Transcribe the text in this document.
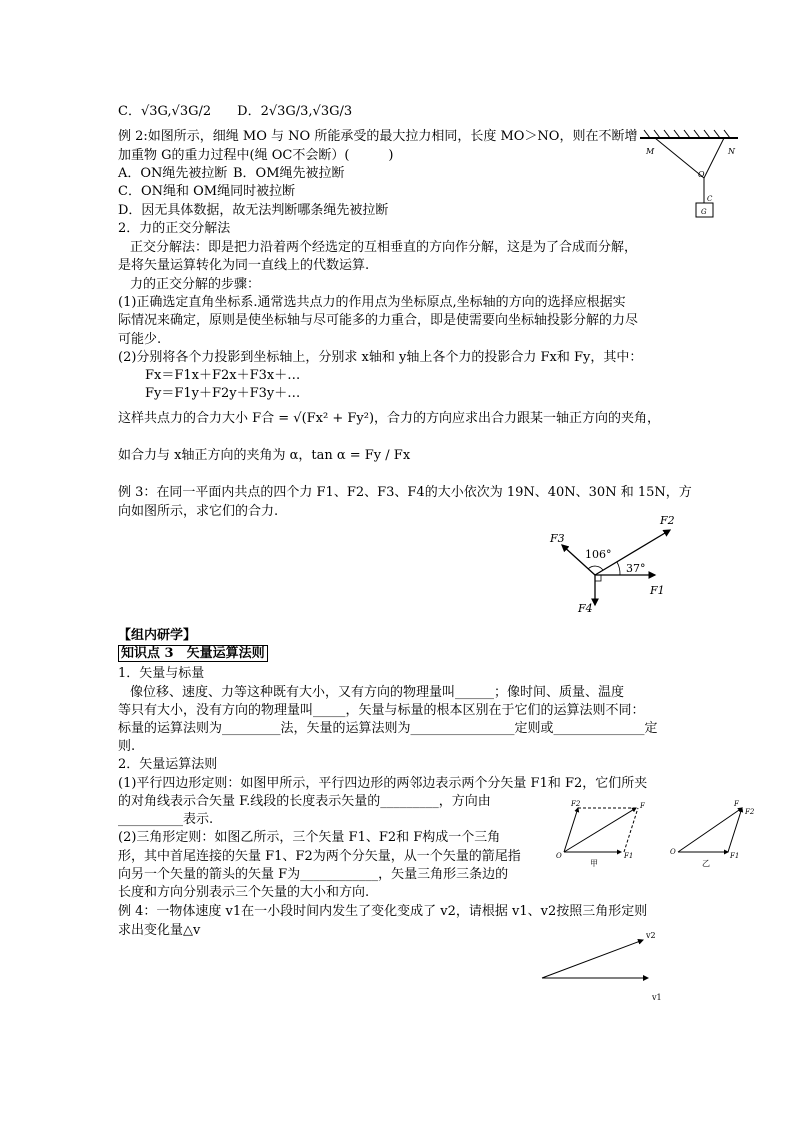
C．√3G,√3G/2　　D．2√3G/3,√3G/3
例 2:如图所示，细绳 MO 与 NO 所能承受的最大拉力相同，长度 MO＞NO，则在不断增
加重物 G的重力过程中(绳 OC不会断）(　　　)
A．ON绳先被拉断 B．OM绳先被拉断
C．ON绳和 OM绳同时被拉断
D．因无具体数据，故无法判断哪条绳先被拉断
2．力的正交分解法
正交分解法：即是把力沿着两个经选定的互相垂直的方向作分解，这是为了合成而分解，
是将矢量运算转化为同一直线上的代数运算.
力的正交分解的步骤：
(1)正确选定直角坐标系.通常选共点力的作用点为坐标原点,坐标轴的方向的选择应根据实
际情况来确定，原则是使坐标轴与尽可能多的力重合，即是使需要向坐标轴投影分解的力尽
可能少.
(2)分别将各个力投影到坐标轴上，分别求 x轴和 y轴上各个力的投影合力 Fx和 Fy，其中：
Fx＝F1x＋F2x＋F3x＋…
Fy＝F1y＋F2y＋F3y＋…
这样共点力的合力大小 F合 = √(Fx² + Fy²)，合力的方向应求出合力跟某一轴正方向的夹角，
如合力与 x轴正方向的夹角为 α，tan α = Fy / Fx
例 3：在同一平面内共点的四个力 F1、F2、F3、F4的大小依次为 19N、40N、30N 和 15N，方
向如图所示，求它们的合力.
【组内研学】
知识点 3　矢量运算法则
1．矢量与标量
像位移、速度、力等这种既有大小，又有方向的物理量叫______；像时间、质量、温度
等只有大小，没有方向的物理量叫_____，矢量与标量的根本区别在于它们的运算法则不同：
标量的运算法则为_________法，矢量的运算法则为________________定则或______________定
则.
2．矢量运算法则
(1)平行四边形定则：如图甲所示，平行四边形的两邻边表示两个分矢量 F1和 F2，它们所夹
的对角线表示合矢量 F.线段的长度表示矢量的_________，方向由
__________表示.
(2)三角形定则：如图乙所示，三个矢量 F1、F2和 F构成一个三角
形，其中首尾连接的矢量 F1、F2为两个分矢量，从一个矢量的箭尾指
向另一个矢量的箭头的矢量 F为____________，矢量三角形三条边的
长度和方向分别表示三个矢量的大小和方向.
例 4：一物体速度 v1在一小段时间内发生了变化变成了 v2，请根据 v1、v2按照三角形定则
求出变化量△v
M	N
O
C
G
F2
F3
F1
F4
106°
37°
F2	F
O	F1
甲
F
F2
O	F1
乙
v2
v1
